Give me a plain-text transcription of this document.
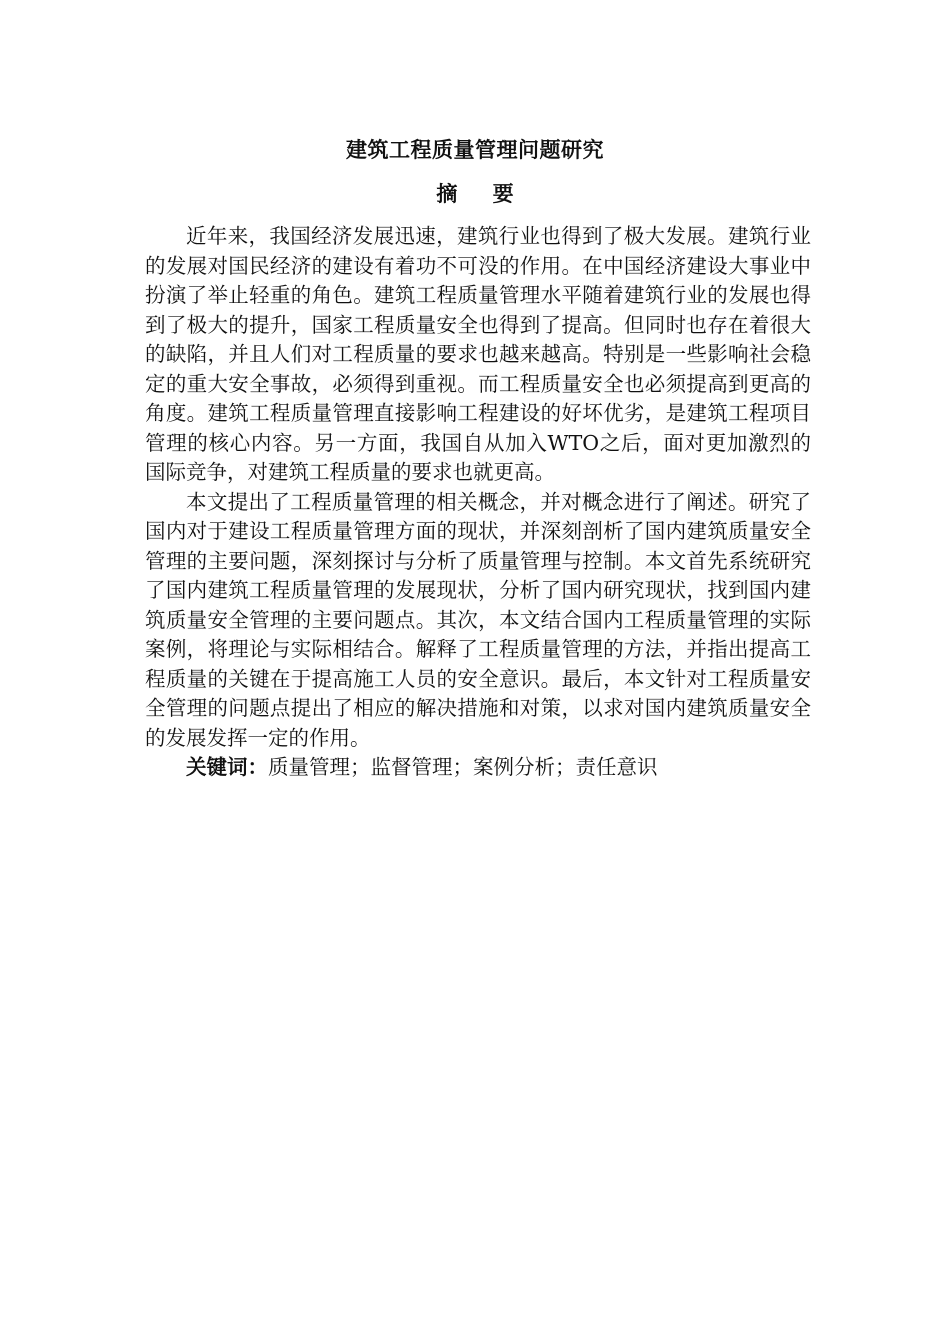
建筑工程质量管理问题研究
摘 要

近年来，我国经济发展迅速，建筑行业也得到了极大发展。建筑行业的发展对国民经济的建设有着功不可没的作用。在中国经济建设大事业中扮演了举止轻重的角色。建筑工程质量管理水平随着建筑行业的发展也得到了极大的提升，国家工程质量安全也得到了提高。但同时也存在着很大的缺陷，并且人们对工程质量的要求也越来越高。特别是一些影响社会稳定的重大安全事故，必须得到重视。而工程质量安全也必须提高到更高的角度。建筑工程质量管理直接影响工程建设的好坏优劣，是建筑工程项目管理的核心内容。另一方面，我国自从加入WTO之后，面对更加激烈的国际竞争，对建筑工程质量的要求也就更高。

本文提出了工程质量管理的相关概念，并对概念进行了阐述。研究了国内对于建设工程质量管理方面的现状，并深刻剖析了国内建筑质量安全管理的主要问题，深刻探讨与分析了质量管理与控制。本文首先系统研究了国内建筑工程质量管理的发展现状，分析了国内研究现状，找到国内建筑质量安全管理的主要问题点。其次，本文结合国内工程质量管理的实际案例，将理论与实际相结合。解释了工程质量管理的方法，并指出提高工程质量的关键在于提高施工人员的安全意识。最后，本文针对工程质量安全管理的问题点提出了相应的解决措施和对策，以求对国内建筑质量安全的发展发挥一定的作用。

关键词：质量管理；监督管理；案例分析；责任意识
